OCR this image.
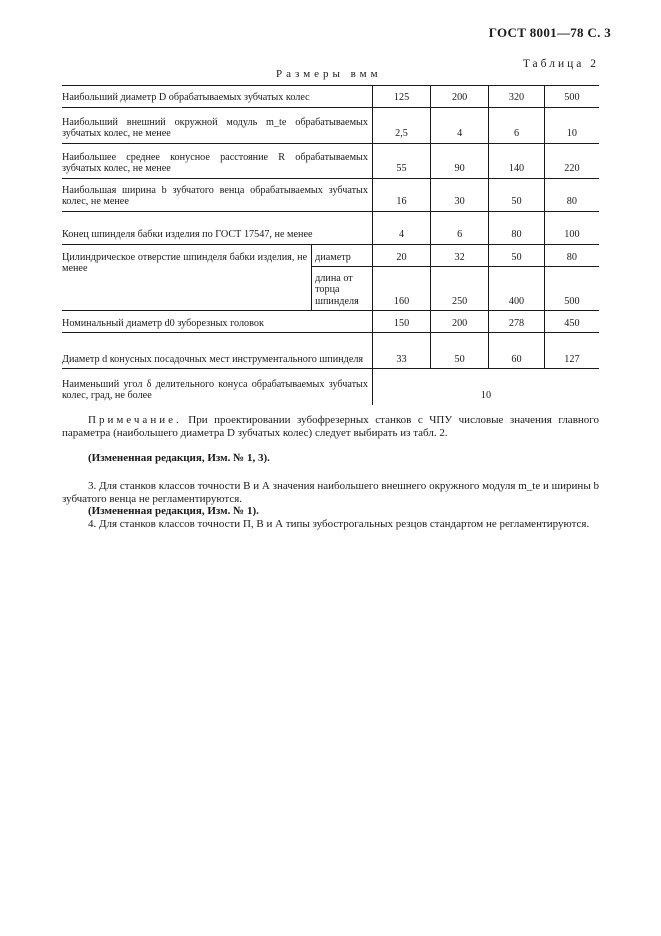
ГОСТ 8001—78 С. 3
Таблица 2
Размеры вмм
Наибольший диаметр D обрабатываемых зубчатых колес		125	200	320	500
Наибольший внешний окружной модуль m_te обрабатываемых зубчатых колес, не менее		2,5	4	6	10
Наибольшее среднее конусное расстояние R обрабатываемых зубчатых колес, не менее		55	90	140	220
Наибольшая ширина b зубчатого венца обрабатываемых зубчатых колес, не менее		16	30	50	80
Конец шпинделя бабки изделия по ГОСТ 17547, не менее		4	6	80	100
Цилиндрическое отверстие шпинделя бабки изделия, не менее	диаметр	20	32	50	80
	длина от торца шпинделя	160	250	400	500
Номинальный диаметр d0 зуборезных головок		150	200	278	450
Диаметр d конусных посадочных мест инструментального шпинделя		33	50	60	127
Наименьший угол δ делительного конуса обрабатываемых зубчатых колес, град, не более		10			

Примечание. При проектировании зубофрезерных станков с ЧПУ числовые значения главного параметра (наибольшего диаметра D зубчатых колес) следует выбирать из табл. 2.

(Измененная редакция, Изм. № 1, 3).

3. Для станков классов точности В и А значения наибольшего внешнего окружного модуля m_te и ширины b зубчатого венца не регламентируются.

(Измененная редакция, Изм. № 1).

4. Для станков классов точности П, В и А типы зубострогальных резцов стандартом не регламентируются.
